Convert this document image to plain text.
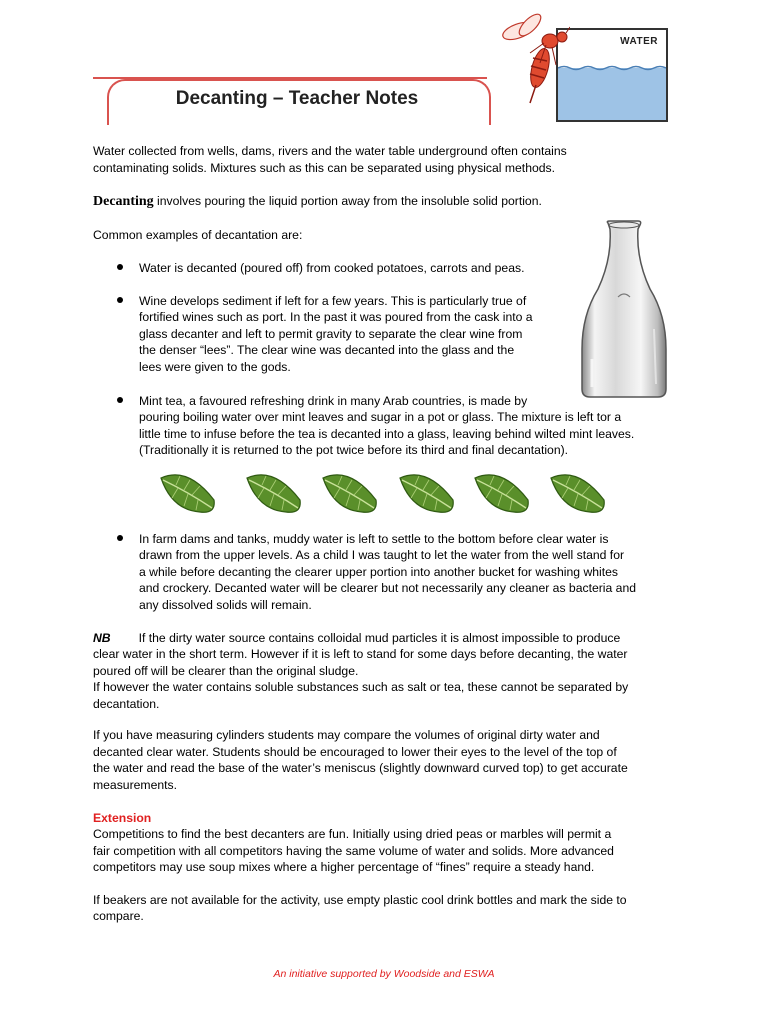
Decanting – Teacher Notes
WATER
Water collected from wells, dams, rivers and the water table underground often contains
contaminating solids. Mixtures such as this can be separated using physical methods.
Decanting involves pouring the liquid portion away from the insoluble solid portion.
Common examples of decantation are:
Water is decanted (poured off) from cooked potatoes, carrots and peas.
Wine develops sediment if left for a few years. This is particularly true of
fortified wines such as port. In the past it was poured from the cask into a
glass decanter and left to permit gravity to separate the clear wine from
the denser “lees”. The clear wine was decanted into the glass and the
lees were given to the gods.
Mint tea, a favoured refreshing drink in many Arab countries, is made by
pouring boiling water over mint leaves and sugar in a pot or glass. The mixture is left tor a
little time to infuse before the tea is decanted into a glass, leaving behind wilted mint leaves.
(Traditionally it is returned to the pot twice before its third and final decantation).
In farm dams and tanks, muddy water is left to settle to the bottom before clear water is
drawn from the upper levels. As a child I was taught to let the water from the well stand for
a while before decanting the clearer upper portion into another bucket for washing whites
and crockery. Decanted water will be clearer but not necessarily any cleaner as bacteria and
any dissolved solids will remain.
NB If the dirty water source contains colloidal mud particles it is almost impossible to produce
clear water in the short term. However if it is left to stand for some days before decanting, the water
poured off will be clearer than the original sludge.
If however the water contains soluble substances such as salt or tea, these cannot be separated by
decantation.
If you have measuring cylinders students may compare the volumes of original dirty water and
decanted clear water. Students should be encouraged to lower their eyes to the level of the top of
the water and read the base of the water’s meniscus (slightly downward curved top) to get accurate
measurements.
Extension
Competitions to find the best decanters are fun. Initially using dried peas or marbles will permit a
fair competition with all competitors having the same volume of water and solids. More advanced
competitors may use soup mixes where a higher percentage of “fines” require a steady hand.
If beakers are not available for the activity, use empty plastic cool drink bottles and mark the side to
compare.
An initiative supported by Woodside and ESWA
